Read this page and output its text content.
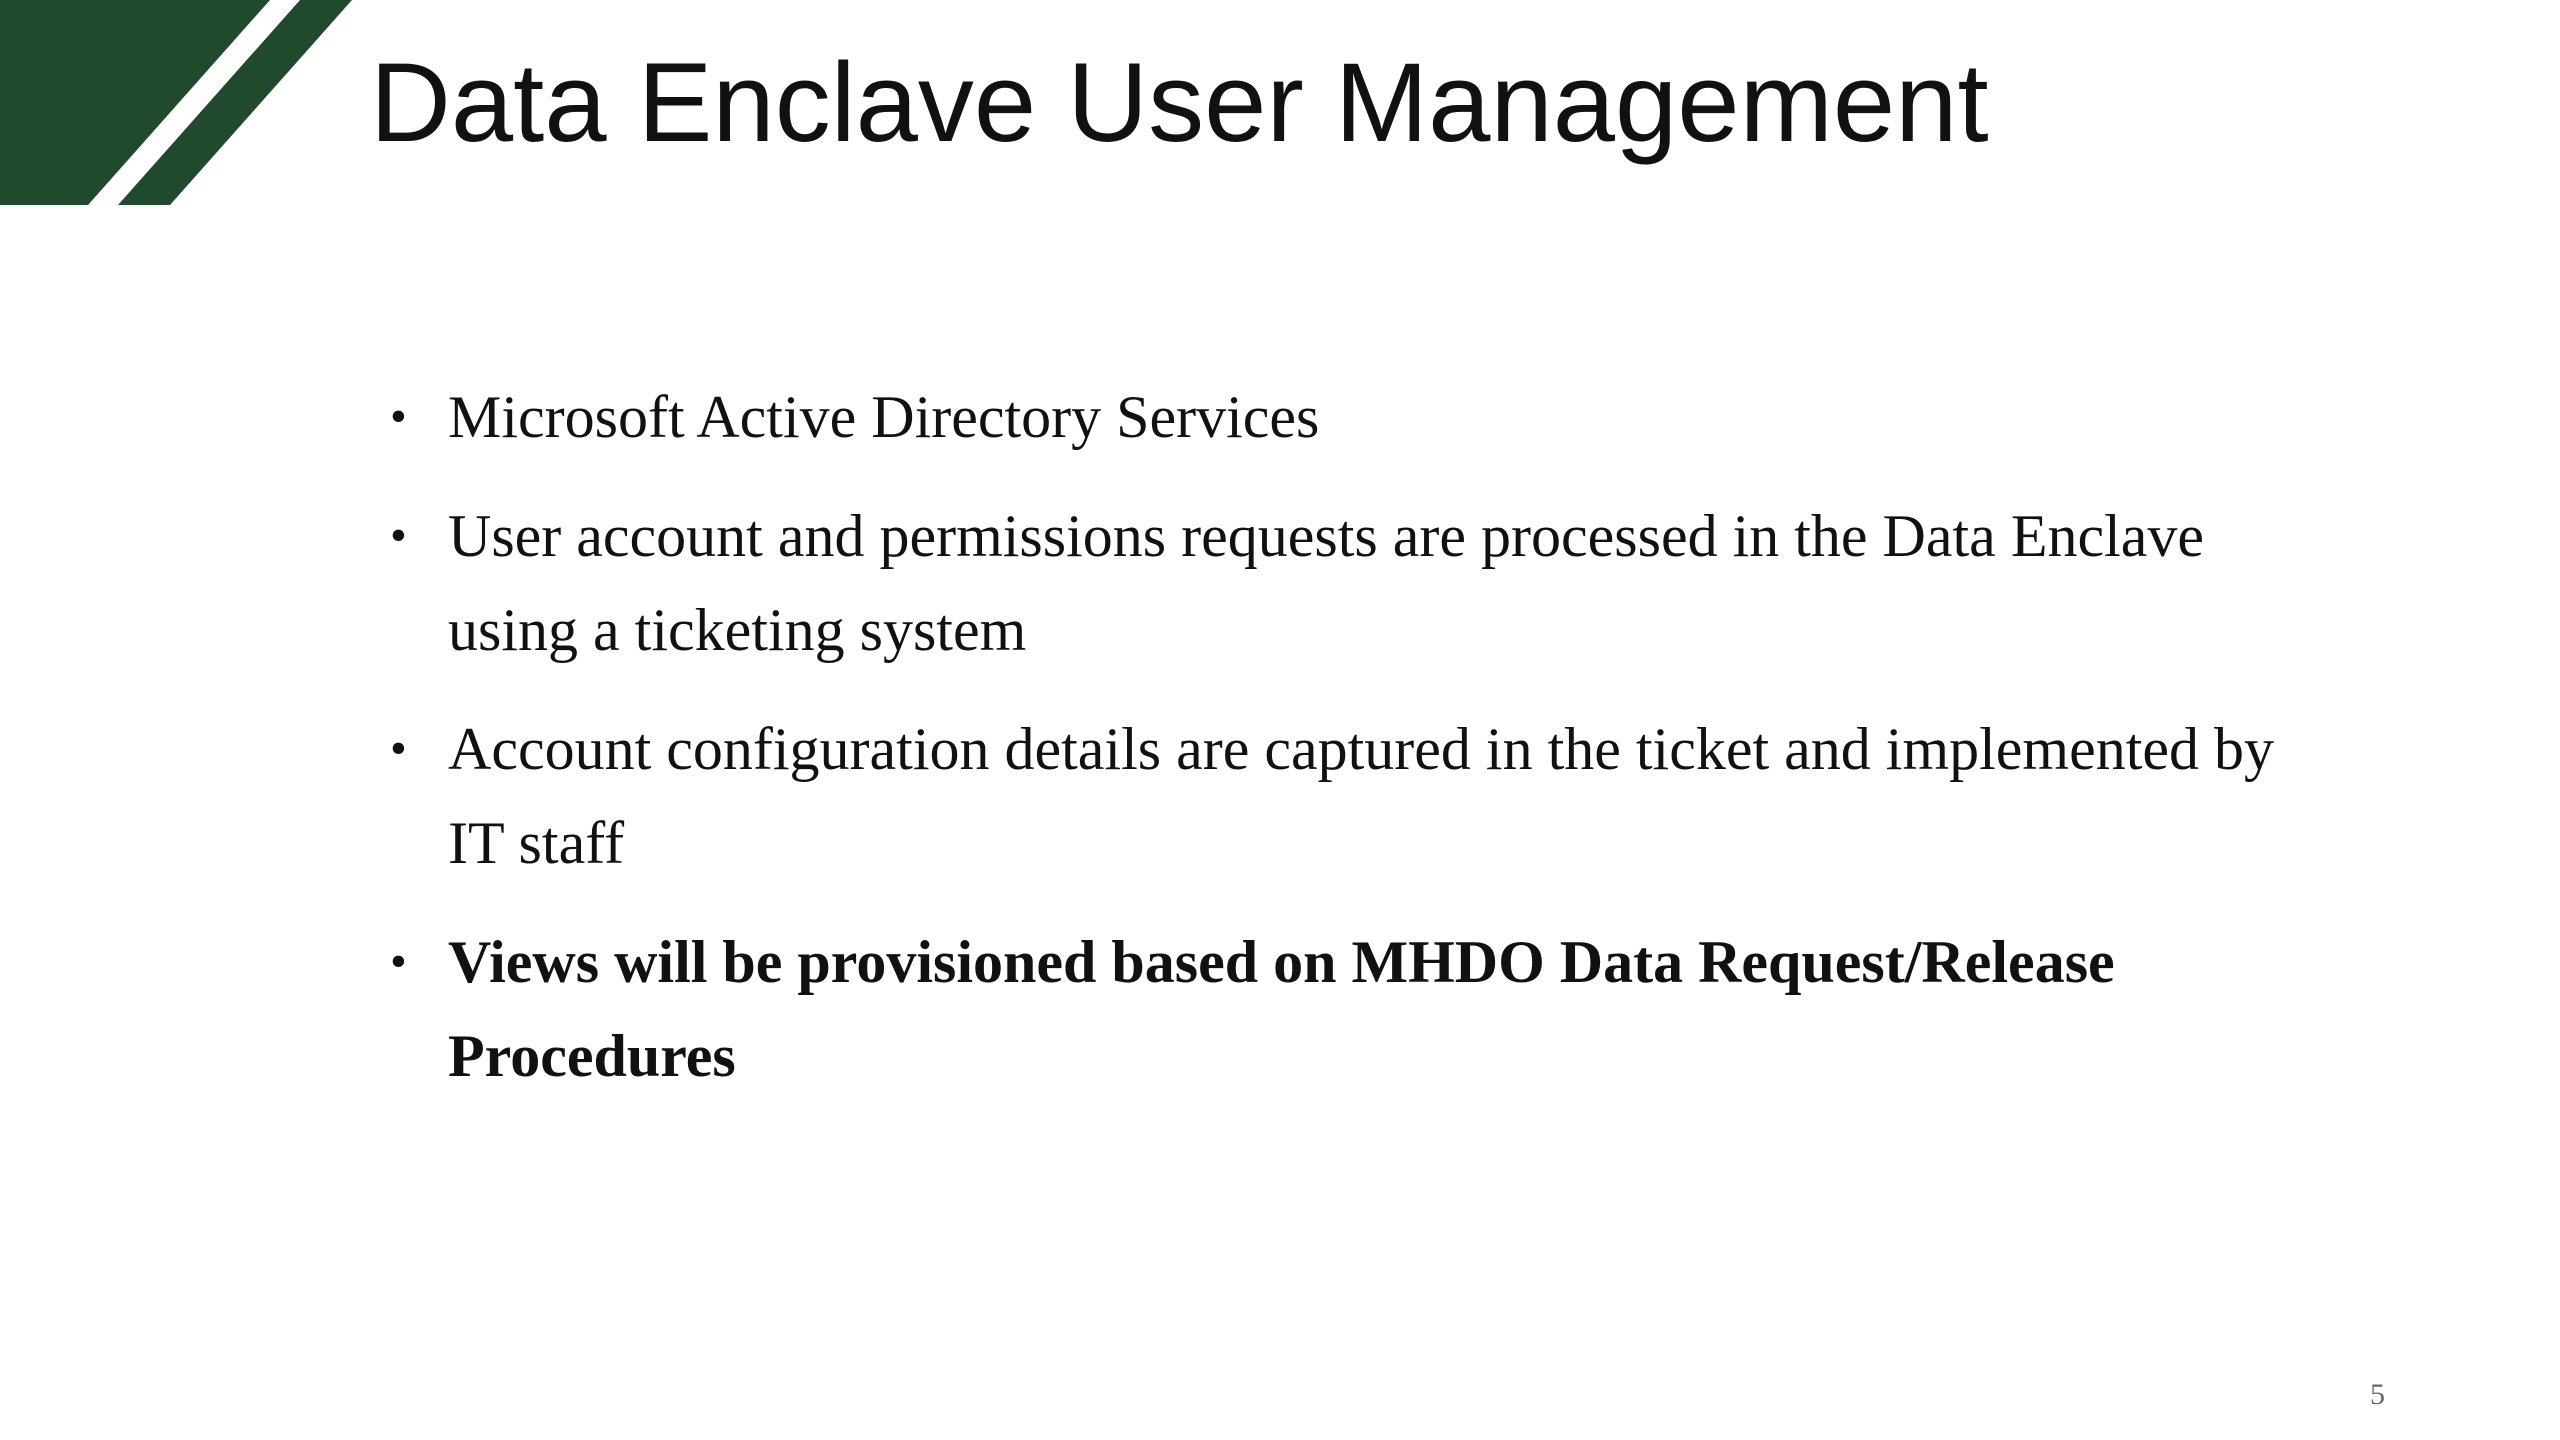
Data Enclave User Management
• Microsoft Active Directory Services
• User account and permissions requests are processed in the Data Enclave using a ticketing system
• Account configuration details are captured in the ticket and implemented by IT staff
• Views will be provisioned based on MHDO Data Request/Release Procedures
5
